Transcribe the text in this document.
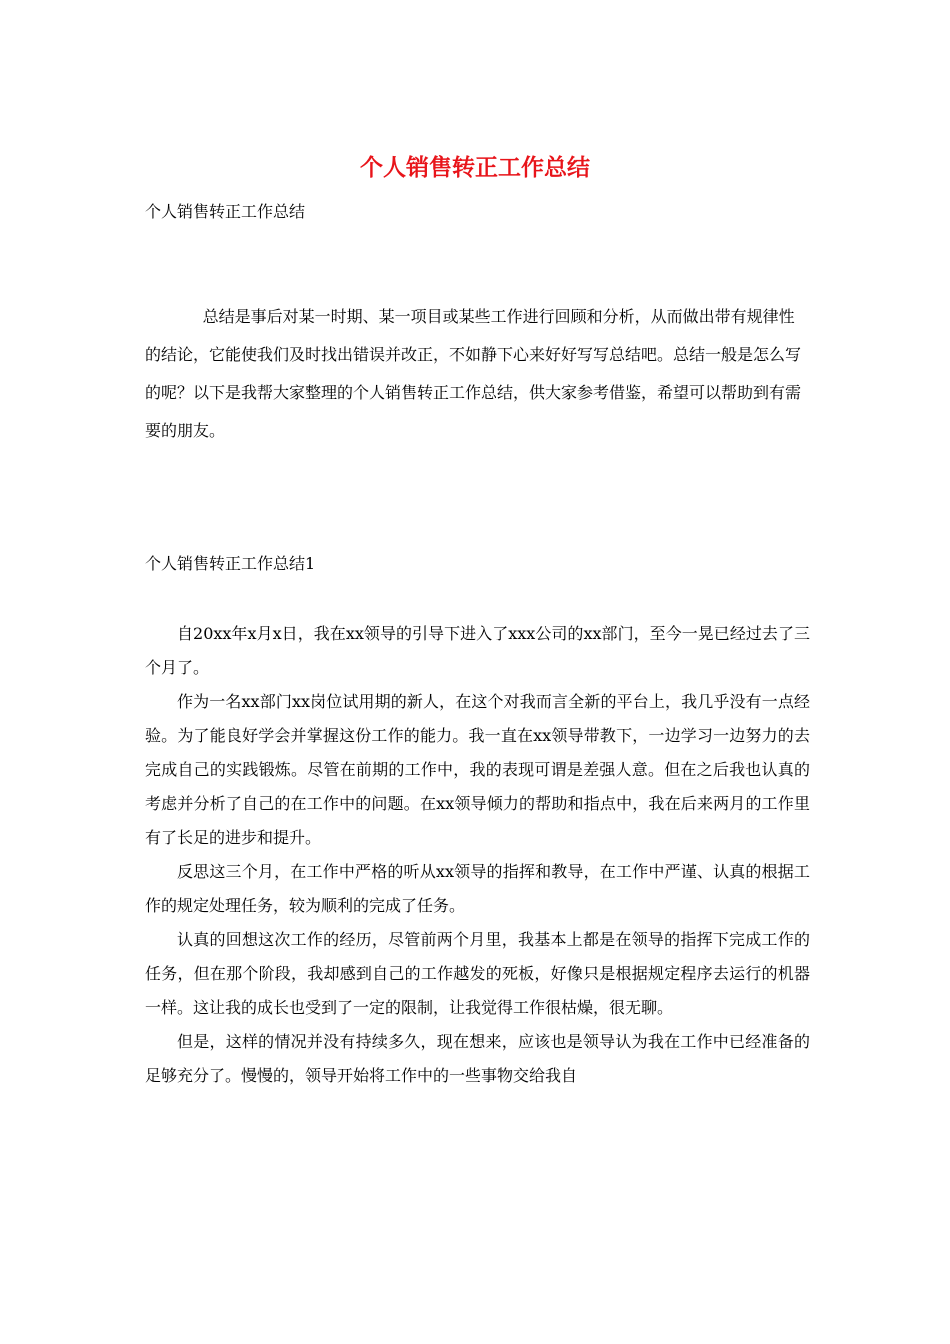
个人销售转正工作总结

个人销售转正工作总结

总结是事后对某一时期、某一项目或某些工作进行回顾和分析，从而做出带有规律性的结论，它能使我们及时找出错误并改正，不如静下心来好好写写总结吧。总结一般是怎么写的呢？以下是我帮大家整理的个人销售转正工作总结，供大家参考借鉴，希望可以帮助到有需要的朋友。

个人销售转正工作总结1

自20xx年x月x日，我在xx领导的引导下进入了xxx公司的xx部门，至今一晃已经过去了三个月了。

作为一名xx部门xx岗位试用期的新人，在这个对我而言全新的平台上，我几乎没有一点经验。为了能良好学会并掌握这份工作的能力。我一直在xx领导带教下，一边学习一边努力的去完成自己的实践锻炼。尽管在前期的工作中，我的表现可谓是差强人意。但在之后我也认真的考虑并分析了自己的在工作中的问题。在xx领导倾力的帮助和指点中，我在后来两月的工作里有了长足的进步和提升。

反思这三个月，在工作中严格的听从xx领导的指挥和教导，在工作中严谨、认真的根据工作的规定处理任务，较为顺利的完成了任务。

认真的回想这次工作的经历，尽管前两个月里，我基本上都是在领导的指挥下完成工作的任务，但在那个阶段，我却感到自己的工作越发的死板，好像只是根据规定程序去运行的机器一样。这让我的成长也受到了一定的限制，让我觉得工作很枯燥，很无聊。

但是，这样的情况并没有持续多久，现在想来，应该也是领导认为我在工作中已经准备的足够充分了。慢慢的，领导开始将工作中的一些事物交给我自
